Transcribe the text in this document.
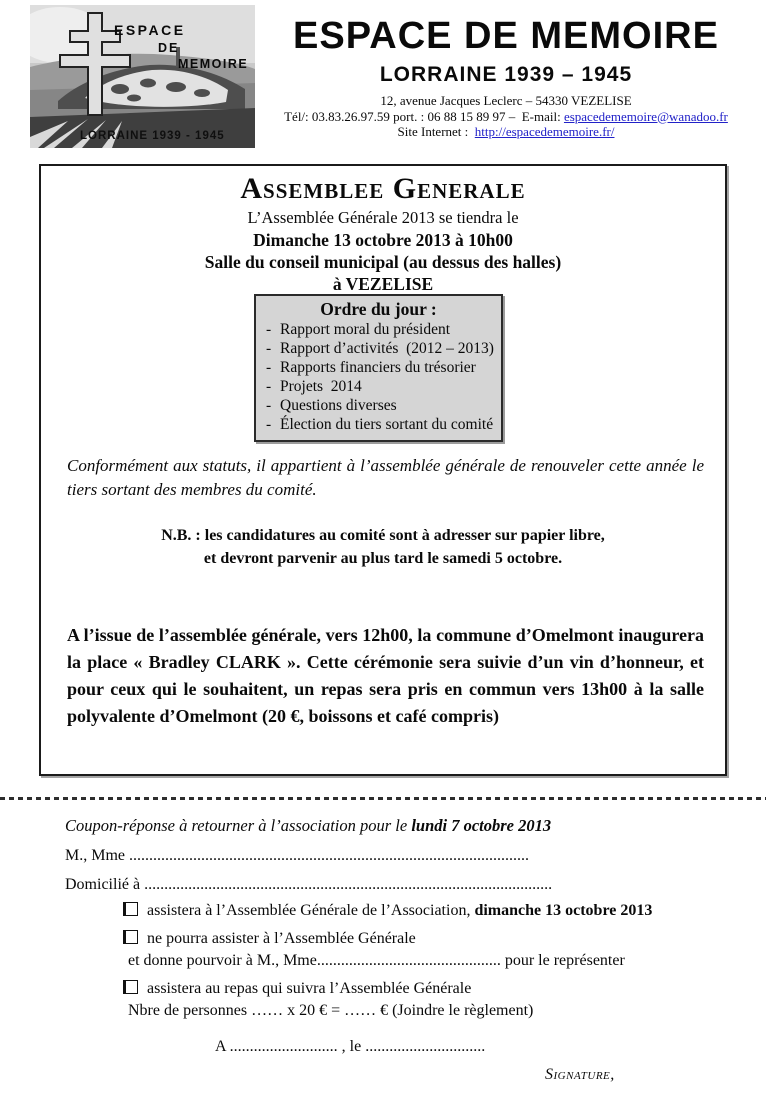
ESPACE
DE
MEMOIRE
LORRAINE 1939 - 1945
ESPACE DE MEMOIRE
LORRAINE 1939 – 1945
12, avenue Jacques Leclerc – 54330 VEZELISE
Tél/: 03.83.26.97.59 port. : 06 88 15 89 97 –  E-mail: espacedememoire@wanadoo.fr
Site Internet :  http://espacedememoire.fr/
Assemblee Generale
L’Assemblée Générale 2013 se tiendra le
Dimanche 13 octobre 2013 à 10h00
Salle du conseil municipal (au dessus des halles)
à VEZELISE
Ordre du jour :
- Rapport moral du président
- Rapport d’activités  (2012 – 2013)
- Rapports financiers du trésorier
- Projets  2014
- Questions diverses
- Élection du tiers sortant du comité
Conformément aux statuts, il appartient à l’assemblée générale de renouveler cette année le tiers sortant des membres du comité.
N.B. : les candidatures au comité sont à adresser sur papier libre,
et devront parvenir au plus tard le samedi 5 octobre.
A l’issue de l’assemblée générale, vers 12h00, la commune d’Omelmont inaugurera la place « Bradley CLARK ». Cette cérémonie sera suivie d’un vin d’honneur, et pour ceux qui le souhaitent, un repas sera pris en commun vers 13h00 à la salle polyvalente d’Omelmont (20 €, boissons et café compris)
Coupon-réponse à retourner à l’association pour le lundi 7 octobre 2013
M., Mme ....................................................................................................
Domicilié à ......................................................................................................
assistera à l’Assemblée Générale de l’Association, dimanche 13 octobre 2013
ne pourra assister à l’Assemblée Générale
et donne pourvoir à M., Mme.............................................. pour le représenter
assistera au repas qui suivra l’Assemblée Générale
Nbre de personnes …… x 20 € = …… € (Joindre le règlement)
A ........................... , le ..............................
Signature,
